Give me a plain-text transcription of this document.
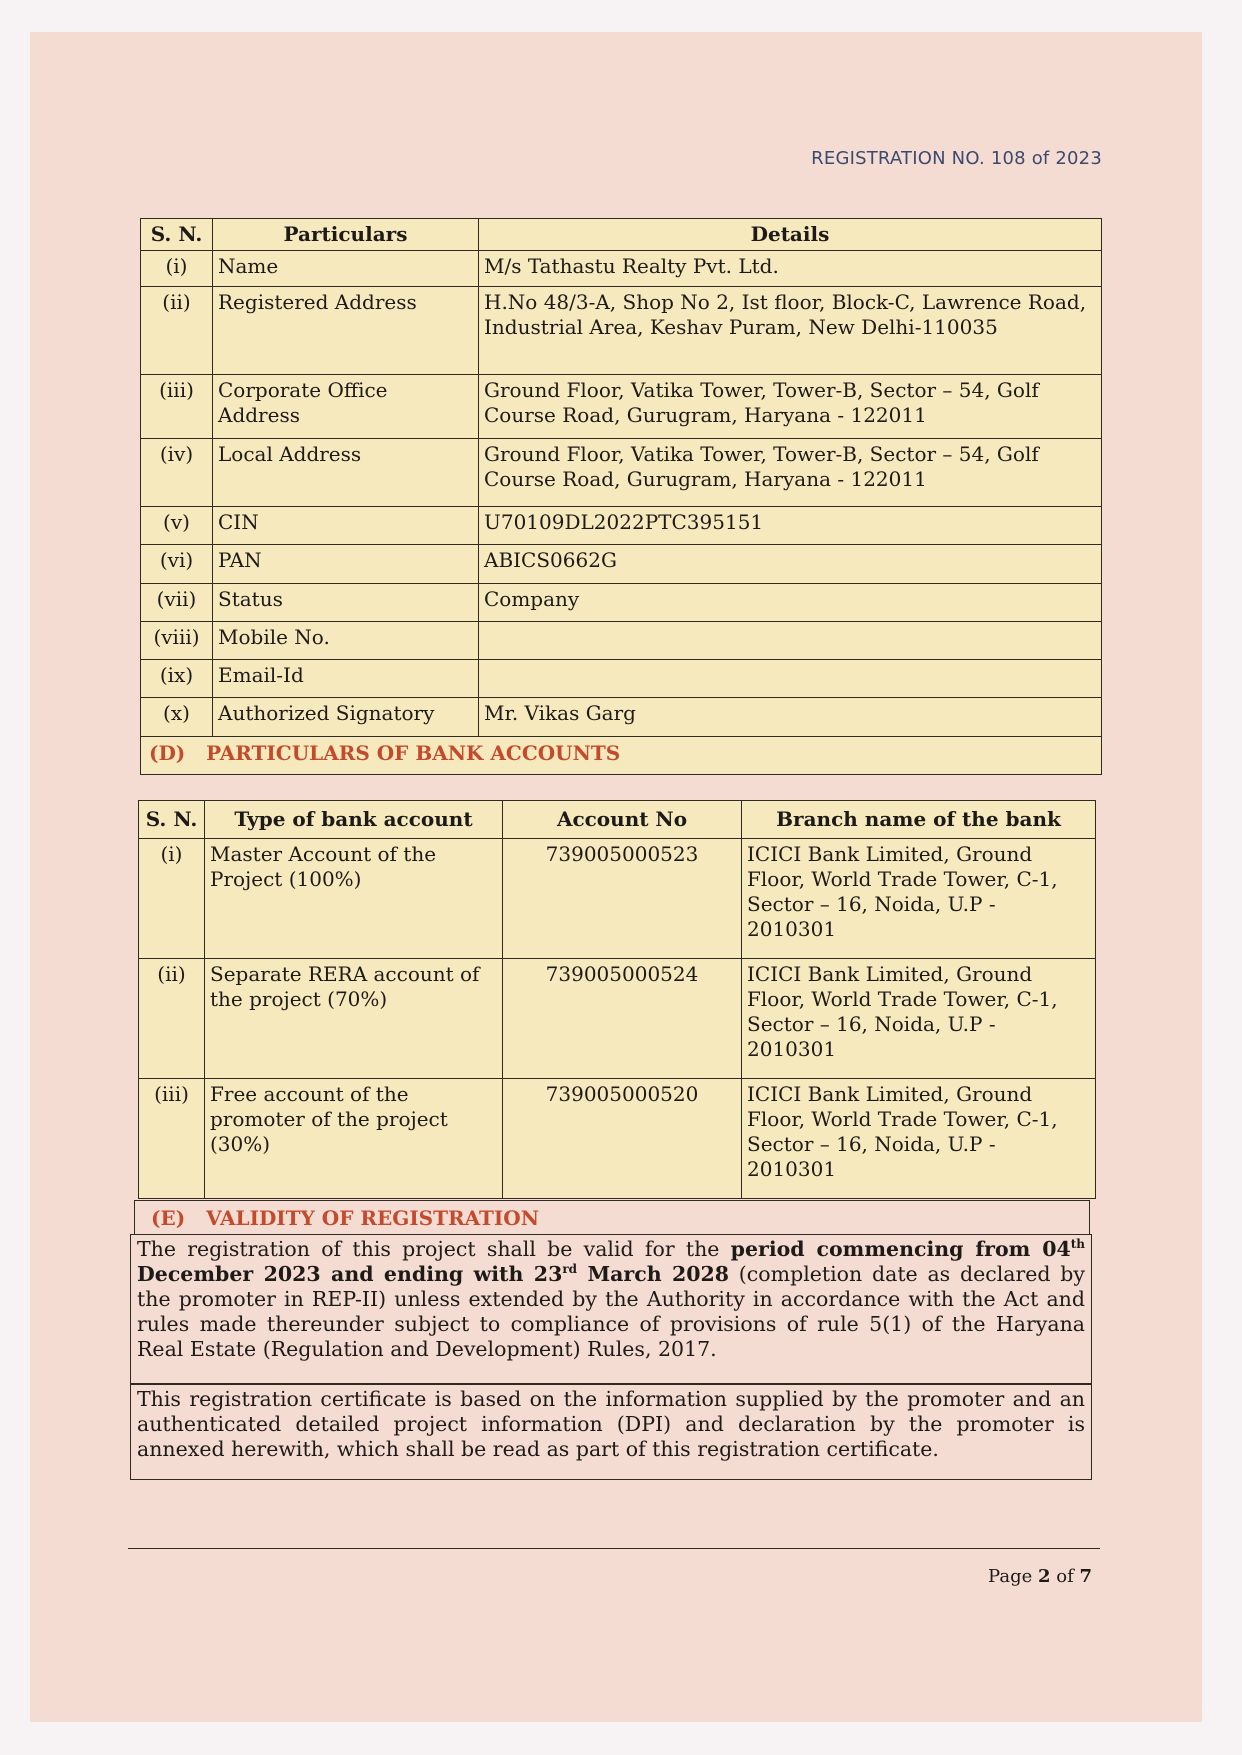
REGISTRATION NO. 108 of 2023
S. N.	Particulars	Details
(i)	Name	M/s Tathastu Realty Pvt. Ltd.
(ii)	Registered Address	H.No 48/3-A, Shop No 2, Ist floor, Block-C, Lawrence Road, Industrial Area, Keshav Puram, New Delhi-110035
(iii)	Corporate Office Address	Ground Floor, Vatika Tower, Tower-B, Sector – 54, Golf Course Road, Gurugram, Haryana - 122011
(iv)	Local Address	Ground Floor, Vatika Tower, Tower-B, Sector – 54, Golf Course Road, Gurugram, Haryana - 122011
(v)	CIN	U70109DL2022PTC395151
(vi)	PAN	ABICS0662G
(vii)	Status	Company
(viii)	Mobile No.	
(ix)	Email-Id	
(x)	Authorized Signatory	Mr. Vikas Garg
(D) PARTICULARS OF BANK ACCOUNTS		
S. N.	Type of bank account	Account No	Branch name of the bank
(i)	Master Account of the Project (100%)	739005000523	ICICI Bank Limited, Ground Floor, World Trade Tower, C-1, Sector – 16, Noida, U.P - 2010301
(ii)	Separate RERA account of the project (70%)	739005000524	ICICI Bank Limited, Ground Floor, World Trade Tower, C-1, Sector – 16, Noida, U.P - 2010301
(iii)	Free account of the promoter of the project (30%)	739005000520	ICICI Bank Limited, Ground Floor, World Trade Tower, C-1, Sector – 16, Noida, U.P - 2010301
(E) VALIDITY OF REGISTRATION
The registration of this project shall be valid for the period commencing from 04th December 2023 and ending with 23rd March 2028 (completion date as declared by the promoter in REP-II) unless extended by the Authority in accordance with the Act and rules made thereunder subject to compliance of provisions of rule 5(1) of the Haryana Real Estate (Regulation and Development) Rules, 2017.
This registration certificate is based on the information supplied by the promoter and an authenticated detailed project information (DPI) and declaration by the promoter is annexed herewith, which shall be read as part of this registration certificate.
Page 2 of 7
